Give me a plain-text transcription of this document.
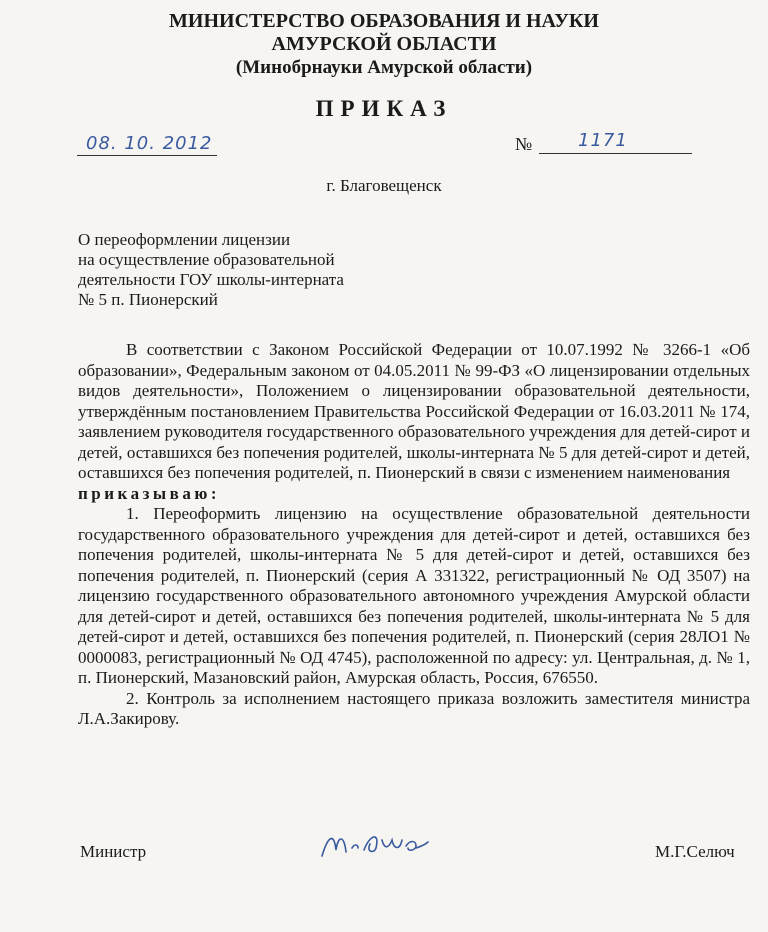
МИНИСТЕРСТВО ОБРАЗОВАНИЯ И НАУКИ
АМУРСКОЙ ОБЛАСТИ
(Минобрнауки Амурской области)
ПРИКАЗ
08. 10. 2012	№	1171
г. Благовещенск
О переоформлении лицензии
на осуществление образовательной
деятельности ГОУ школы-интерната
№ 5 п. Пионерский

В соответствии с Законом Российской Федерации от 10.07.1992 № 3266-1 «Об образовании», Федеральным законом от 04.05.2011 № 99-ФЗ «О лицензировании отдельных видов деятельности», Положением о лицензировании образовательной деятельности, утверждённым постановлением Правительства Российской Федерации от 16.03.2011 № 174, заявлением руководителя государственного образовательного учреждения для детей-сирот и детей, оставшихся без попечения родителей, школы-интерната № 5 для детей-сирот и детей, оставшихся без попечения родителей, п. Пионерский в связи с изменением наименования

приказываю:

1. Переоформить лицензию на осуществление образовательной деятельности государственного образовательного учреждения для детей-сирот и детей, оставшихся без попечения родителей, школы-интерната № 5 для детей-сирот и детей, оставшихся без попечения родителей, п. Пионерский (серия А 331322, регистрационный № ОД 3507) на лицензию государственного образовательного автономного учреждения Амурской области для детей-сирот и детей, оставшихся без попечения родителей, школы-интерната № 5 для детей-сирот и детей, оставшихся без попечения родителей, п. Пионерский (серия 28ЛО1 № 0000083, регистрационный № ОД 4745), расположенной по адресу: ул. Центральная, д. № 1, п. Пионерский, Мазановский район, Амурская область, Россия, 676550.

2. Контроль за исполнением настоящего приказа возложить заместителя министра Л.А.Закирову.

Министр	М.Г.Селюч
